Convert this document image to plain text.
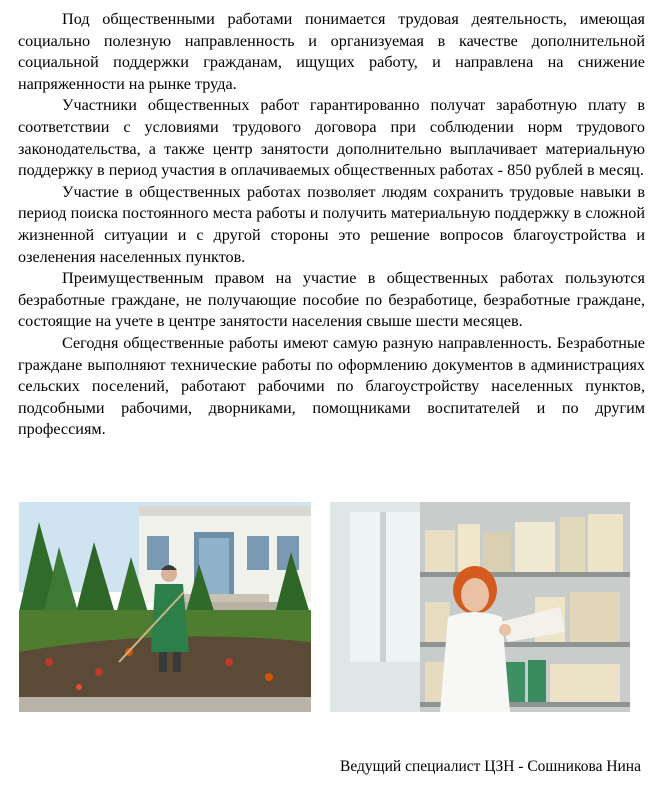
Под общественными работами понимается трудовая деятельность, имеющая социально полезную направленность и организуемая в качестве дополнительной социальной поддержки гражданам, ищущих работу, и направлена на снижение напряженности на рынке труда.

Участники общественных работ гарантированно получат заработную плату в соответствии с условиями трудового договора при соблюдении норм трудового законодательства, а также центр занятости дополнительно выплачивает материальную поддержку в период участия в оплачиваемых общественных работах - 850 рублей в месяц.

Участие в общественных работах позволяет людям сохранить трудовые навыки в период поиска постоянного места работы и получить материальную поддержку в сложной жизненной ситуации и с другой стороны это решение вопросов благоустройства и озеленения населенных пунктов.

Преимущественным правом на участие в общественных работах пользуются безработные граждане, не получающие пособие по безработице, безработные граждане, состоящие на учете в центре занятости населения свыше шести месяцев.

Сегодня общественные работы имеют самую разную направленность. Безработные граждане выполняют технические работы по оформлению документов в администрациях сельских поселений, работают рабочими по благоустройству населенных пунктов, подсобными рабочими, дворниками, помощниками воспитателей и по другим профессиям.

Ведущий специалист ЦЗН - Сошникова Нина
